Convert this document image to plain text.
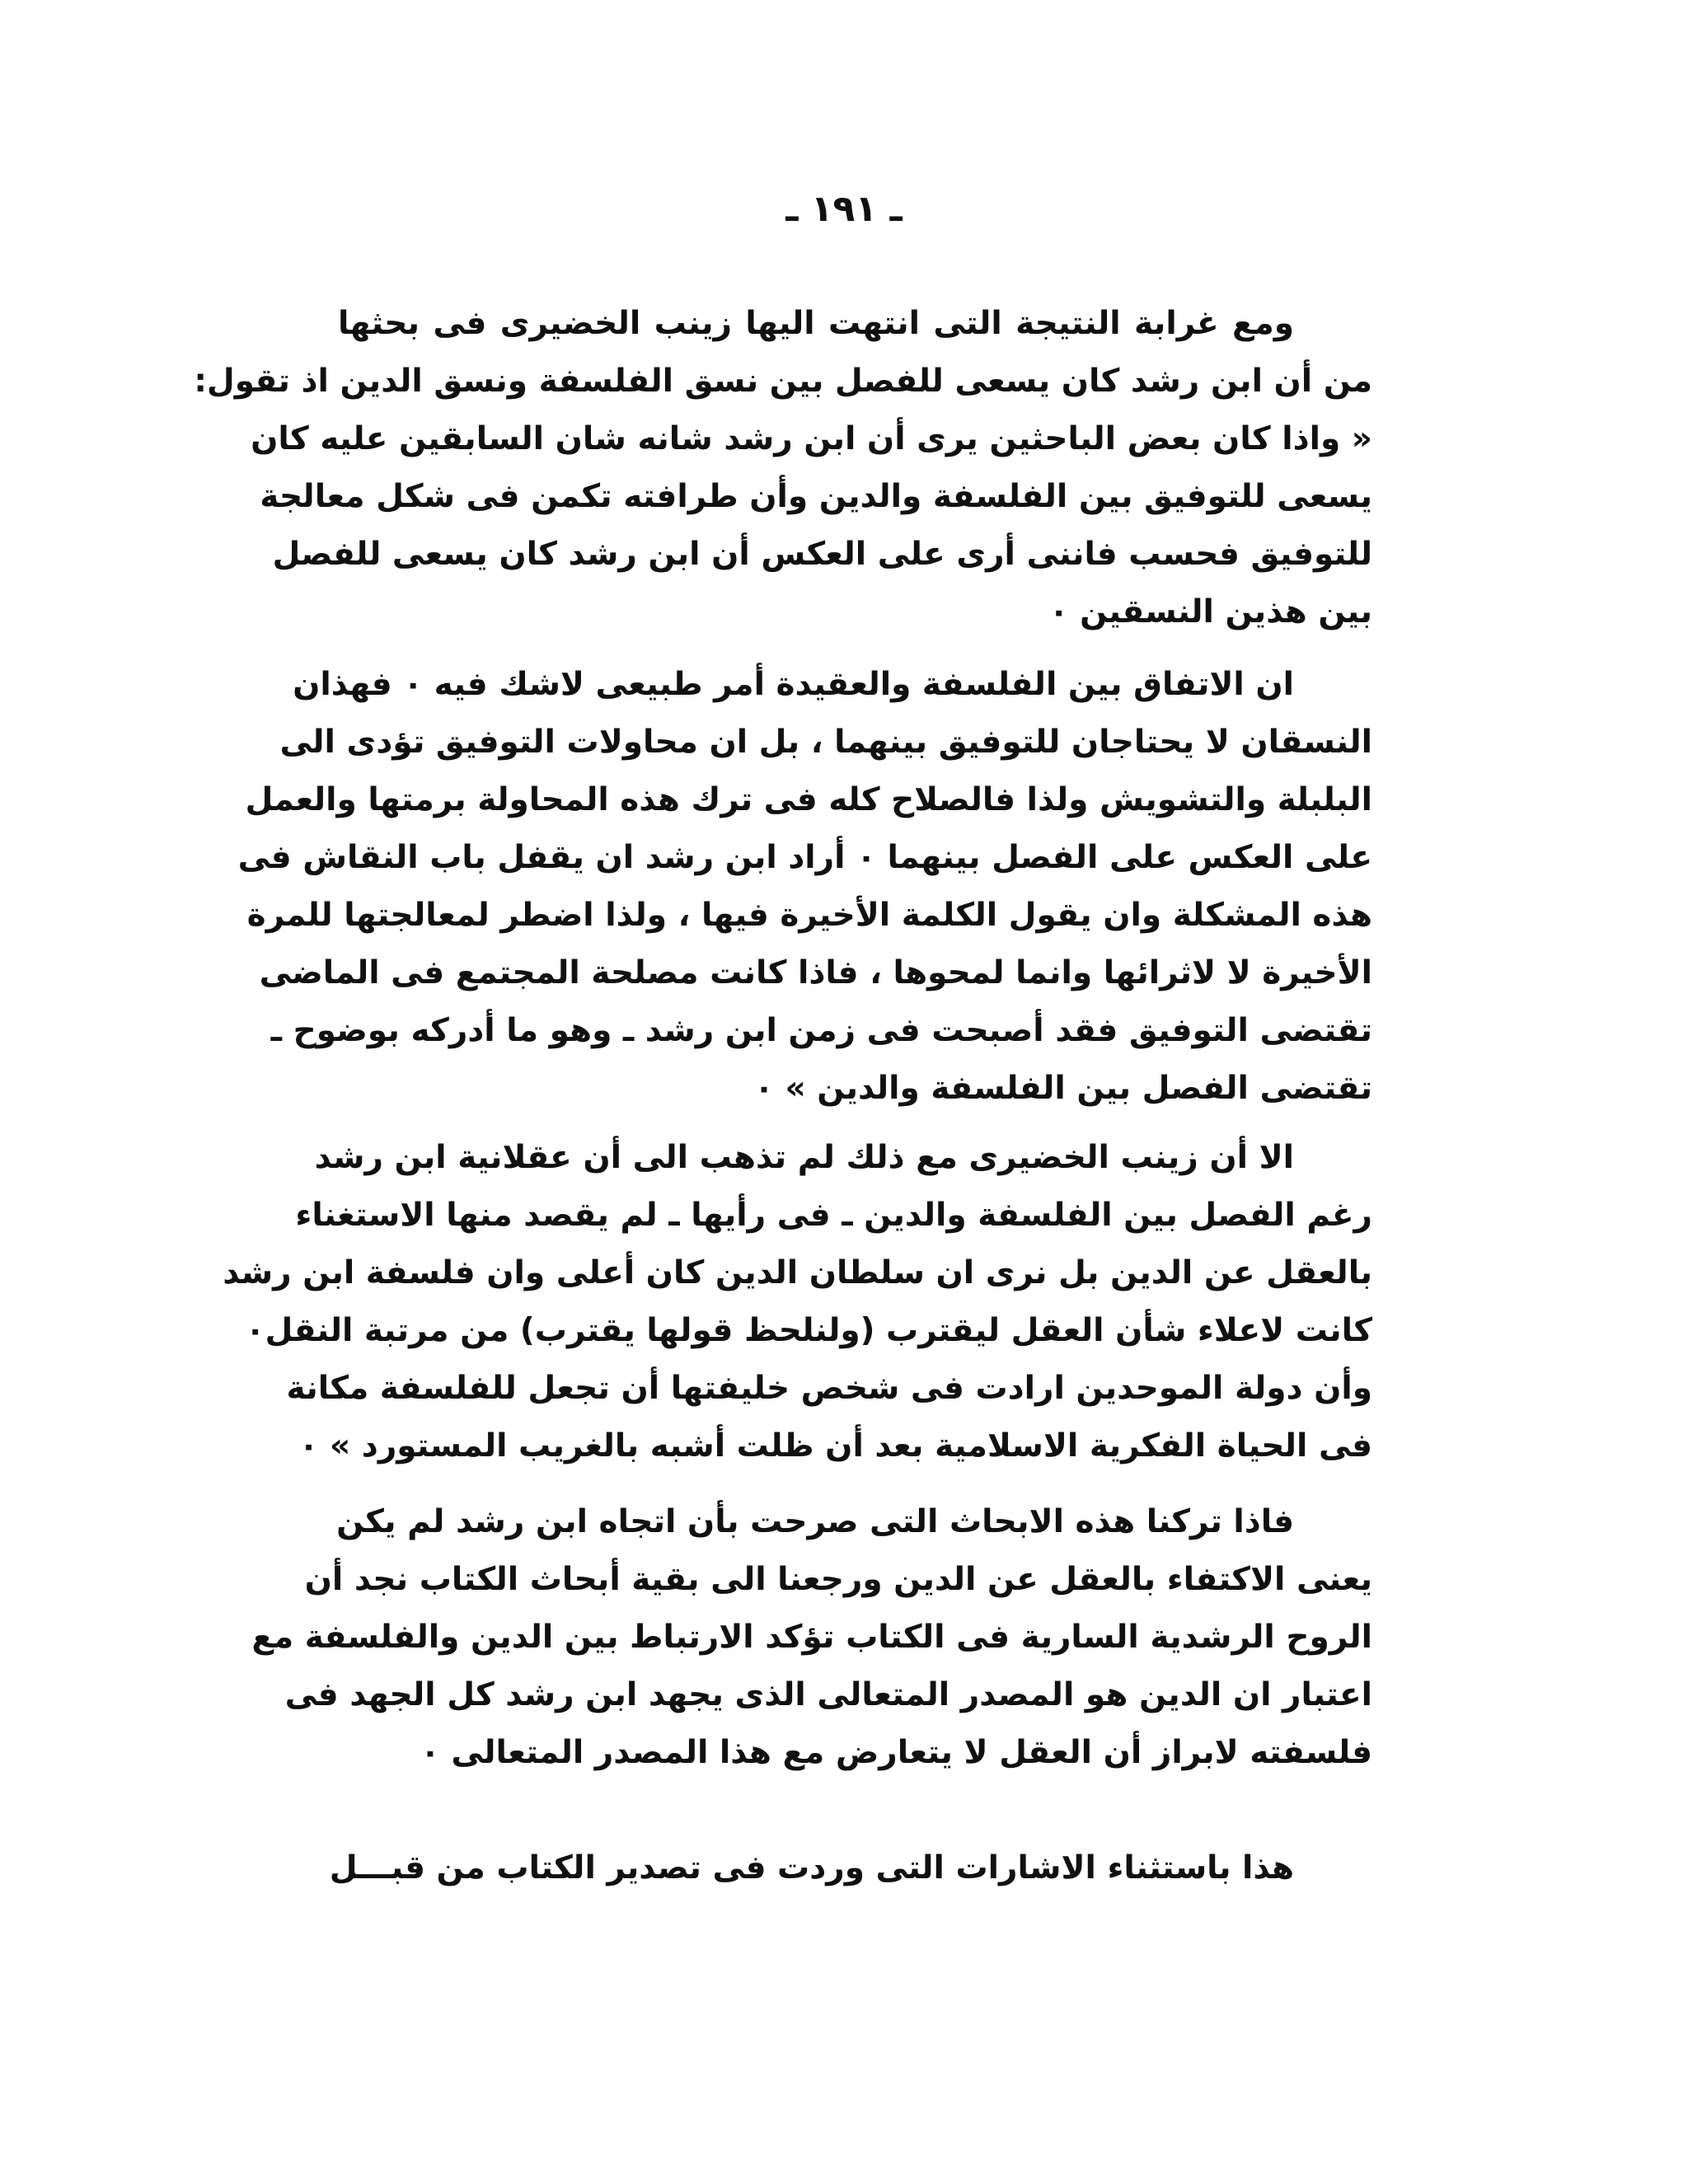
ـ ١٩١ ـ
ومع غرابة النتيجة التى انتهت اليها زينب الخضيرى فى بحثها
من أن ابن رشد كان يسعى للفصل بين نسق الفلسفة ونسق الدين اذ تقول:
« واذا كان بعض الباحثين يرى أن ابن رشد شانه شان السابقين عليه كان
يسعى للتوفيق بين الفلسفة والدين وأن طرافته تكمن فى شكل معالجة
للتوفيق فحسب فاننى أرى على العكس أن ابن رشد كان يسعى للفصل
بين هذين النسقين ٠
ان الاتفاق بين الفلسفة والعقيدة أمر طبيعى لاشك فيه ٠ فهذان
النسقان لا يحتاجان للتوفيق بينهما ، بل ان محاولات التوفيق تؤدى الى
البلبلة والتشويش ولذا فالصلاح كله فى ترك هذه المحاولة برمتها والعمل
على العكس على الفصل بينهما ٠ أراد ابن رشد ان يقفل باب النقاش فى
هذه المشكلة وان يقول الكلمة الأخيرة فيها ، ولذا اضطر لمعالجتها للمرة
الأخيرة لا لاثرائها وانما لمحوها ، فاذا كانت مصلحة المجتمع فى الماضى
تقتضى التوفيق فقد أصبحت فى زمن ابن رشد ـ وهو ما أدركه بوضوح ـ
تقتضى الفصل بين الفلسفة والدين » ٠
الا أن زينب الخضيرى مع ذلك لم تذهب الى أن عقلانية ابن رشد
رغم الفصل بين الفلسفة والدين ـ فى رأيها ـ لم يقصد منها الاستغناء
بالعقل عن الدين بل نرى ان سلطان الدين كان أعلى وان فلسفة ابن رشد
كانت لاعلاء شأن العقل ليقترب (ولنلحظ قولها يقترب) من مرتبة النقل٠
وأن دولة الموحدين ارادت فى شخص خليفتها أن تجعل للفلسفة مكانة
فى الحياة الفكرية الاسلامية بعد أن ظلت أشبه بالغريب المستورد » ٠
فاذا تركنا هذه الابحاث التى صرحت بأن اتجاه ابن رشد لم يكن
يعنى الاكتفاء بالعقل عن الدين ورجعنا الى بقية أبحاث الكتاب نجد أن
الروح الرشدية السارية فى الكتاب تؤكد الارتباط بين الدين والفلسفة مع
اعتبار ان الدين هو المصدر المتعالى الذى يجهد ابن رشد كل الجهد فى
فلسفته لابراز أن العقل لا يتعارض مع هذا المصدر المتعالى ٠
هذا باستثناء الاشارات التى وردت فى تصدير الكتاب من قبـــل
